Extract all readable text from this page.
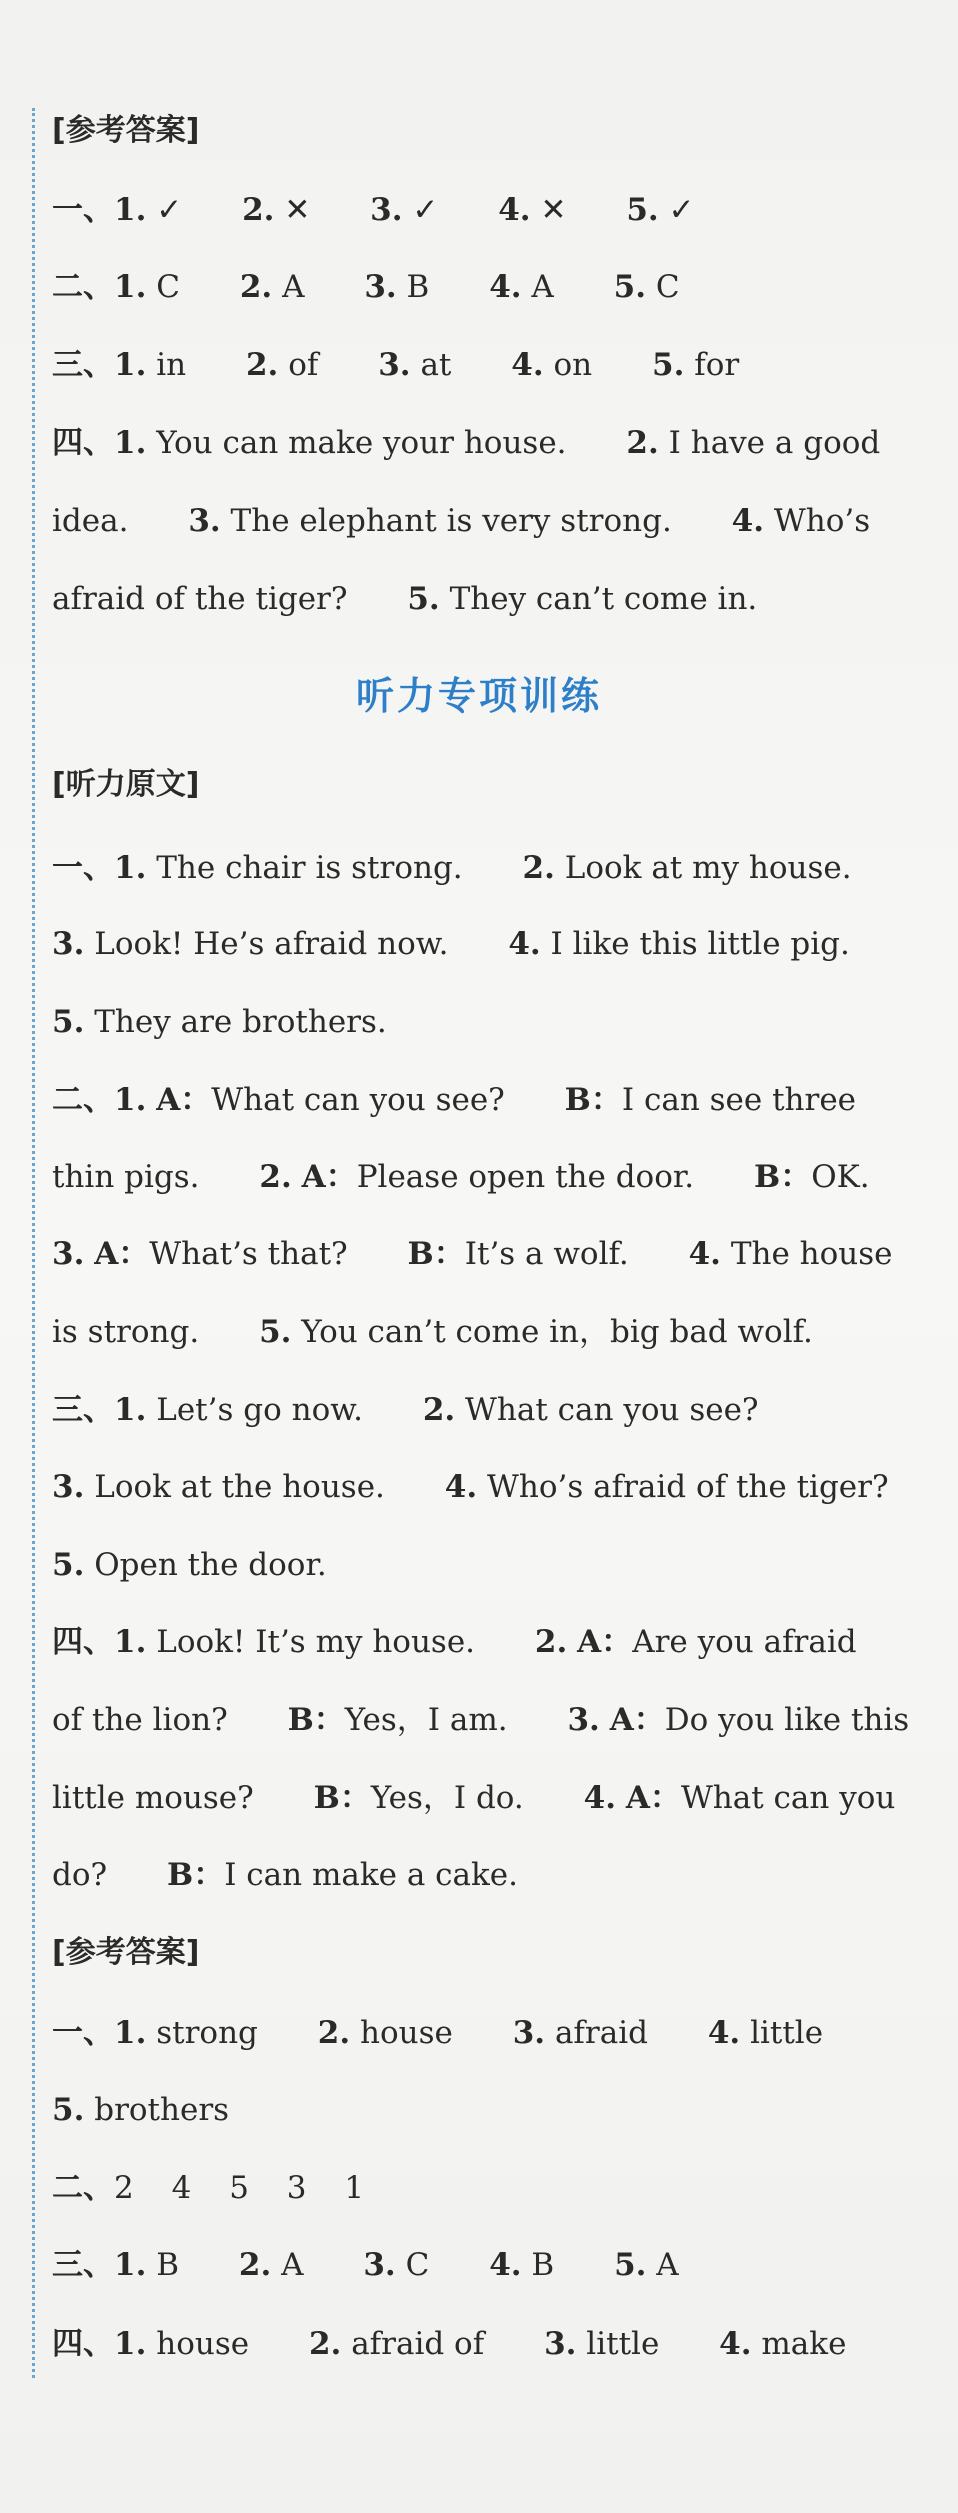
[参考答案]
一、1. ✓ 2. ✕ 3. ✓ 4. ✕ 5. ✓
二、1. C 2. A 3. B 4. A 5. C
三、1. in 2. of 3. at 4. on 5. for
四、1. You can make your house. 2. I have a good
idea. 3. The elephant is very strong. 4. Who’s
afraid of the tiger? 5. They can’t come in.
听力专项训练
[听力原文]
一、1. The chair is strong. 2. Look at my house.
3. Look! He’s afraid now. 4. I like this little pig.
5. They are brothers.
二、1. A：What can you see? B：I can see three
thin pigs. 2. A：Please open the door. B：OK.
3. A：What’s that? B：It’s a wolf. 4. The house
is strong. 5. You can’t come in，big bad wolf.
三、1. Let’s go now. 2. What can you see?
3. Look at the house. 4. Who’s afraid of the tiger?
5. Open the door.
四、1. Look! It’s my house. 2. A：Are you afraid
of the lion? B：Yes，I am. 3. A：Do you like this
little mouse? B：Yes，I do. 4. A：What can you
do? B：I can make a cake.
[参考答案]
一、1. strong 2. house 3. afraid 4. little
5. brothers
二、2 4 5 3 1
三、1. B 2. A 3. C 4. B 5. A
四、1. house 2. afraid of 3. little 4. make
